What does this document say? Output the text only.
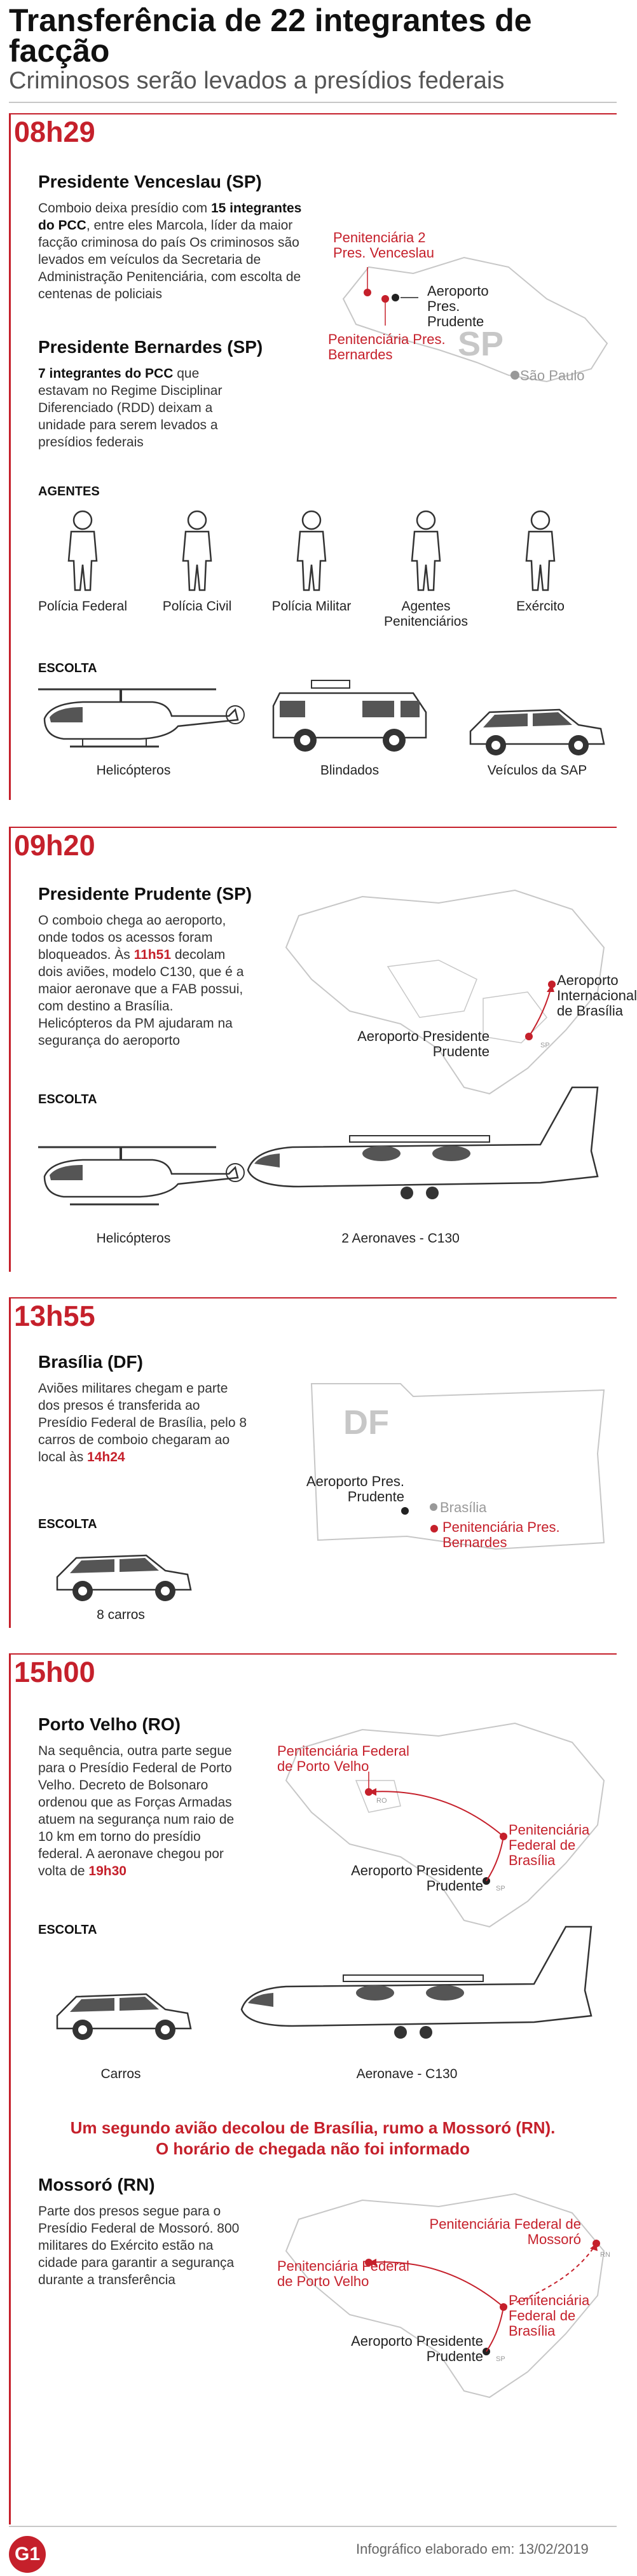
Transferência de 22 integrantes de facção
Criminosos serão levados a presídios federais
08h29
Presidente Venceslau (SP)
Comboio deixa presídio com 15 integrantes do PCC, entre eles Marcola, líder da maior facção criminosa do país Os criminosos são levados em veículos da Secretaria de Administração Penitenciária, com escolta de centenas de policiais
Presidente Bernardes (SP)
7 integrantes do PCC que estavam no Regime Disciplinar Diferenciado (RDD) deixam a unidade para serem levados a presídios federais
Penitenciária 2 Pres. Venceslau
Aeroporto Pres. Prudente
Penitenciária Pres. Bernardes	SP
São Paulo
AGENTES
Polícia Federal	Polícia Civil	Polícia Militar	Agentes Penitenciários
Exército
ESCOLTA
Helicópteros	Blindados	Veículos da SAP
09h20
Presidente Prudente (SP)
O comboio chega ao aeroporto, onde todos os acessos foram bloqueados. Às 11h51 decolam dois aviões, modelo C130, que é a maior aeronave que a FAB possui, com destino a Brasília. Helicópteros da PM ajudaram na segurança do aeroporto
Aeroporto Internacional de Brasília
Aeroporto Presidente Prudente	SP
ESCOLTA
Helicópteros	2 Aeronaves - C130
13h55
Brasília (DF)
Aviões militares chegam e parte dos presos é transferida ao Presídio Federal de Brasília, pelo 8 carros de comboio chegaram ao local às 14h24
DF
Aeroporto Pres. Prudente
Brasília
Penitenciária Pres. Bernardes
ESCOLTA
8 carros
15h00
Porto Velho (RO)
Na sequência, outra parte segue para o Presídio Federal de Porto Velho. Decreto de Bolsonaro ordenou que as Forças Armadas atuem na segurança num raio de 10 km em torno do presídio federal. A aeronave chegou por volta de 19h30
Penitenciária Federal de Porto Velho
RO
Penitenciária Federal de Brasília
Aeroporto Presidente Prudente SP
ESCOLTA
Carros	Aeronave - C130
Um segundo avião decolou de Brasília, rumo a Mossoró (RN).
O horário de chegada não foi informado
Mossoró (RN)
Parte dos presos segue para o Presídio Federal de Mossoró. 800 militares do Exército estão na cidade para garantir a segurança durante a transferência
Penitenciária Federal de Mossoró
RN
Penitenciária Federal de Porto Velho
Penitenciária Federal de Brasília
Aeroporto Presidente Prudente SP
G1	Infográfico elaborado em: 13/02/2019
